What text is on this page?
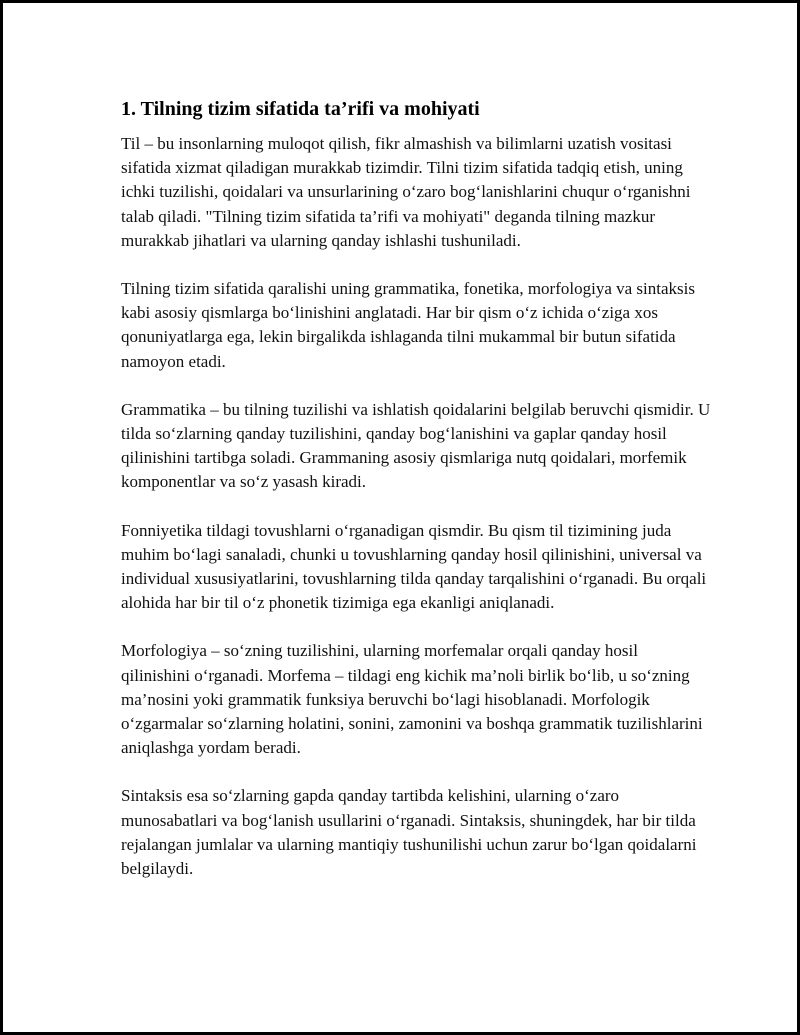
1. Tilning tizim sifatida ta’rifi va mohiyati

Til – bu insonlarning muloqot qilish, fikr almashish va bilimlarni uzatish vositasi sifatida xizmat qiladigan murakkab tizimdir. Tilni tizim sifatida tadqiq etish, uning ichki tuzilishi, qoidalari va unsurlarining o‘zaro bog‘lanishlarini chuqur o‘rganishni talab qiladi. "Tilning tizim sifatida ta’rifi va mohiyati" deganda tilning mazkur murakkab jihatlari va ularning qanday ishlashi tushuniladi.

Tilning tizim sifatida qaralishi uning grammatika, fonetika, morfologiya va sintaksis kabi asosiy qismlarga bo‘linishini anglatadi. Har bir qism o‘z ichida o‘ziga xos qonuniyatlarga ega, lekin birgalikda ishlaganda tilni mukammal bir butun sifatida namoyon etadi.

Grammatika – bu tilning tuzilishi va ishlatish qoidalarini belgilab beruvchi qismidir. U tilda so‘zlarning qanday tuzilishini, qanday bog‘lanishini va gaplar qanday hosil qilinishini tartibga soladi. Grammaning asosiy qismlariga nutq qoidalari, morfemik komponentlar va so‘z yasash kiradi.

Fonniyetika tildagi tovushlarni o‘rganadigan qismdir. Bu qism til tizimining juda muhim bo‘lagi sanaladi, chunki u tovushlarning qanday hosil qilinishini, universal va individual xususiyatlarini, tovushlarning tilda qanday tarqalishini o‘rganadi. Bu orqali alohida har bir til o‘z phonetik tizimiga ega ekanligi aniqlanadi.

Morfologiya – so‘zning tuzilishini, ularning morfemalar orqali qanday hosil qilinishini o‘rganadi. Morfema – tildagi eng kichik ma’noli birlik bo‘lib, u so‘zning ma’nosini yoki grammatik funksiya beruvchi bo‘lagi hisoblanadi. Morfologik o‘zgarmalar so‘zlarning holatini, sonini, zamonini va boshqa grammatik tuzilishlarini aniqlashga yordam beradi.

Sintaksis esa so‘zlarning gapda qanday tartibda kelishini, ularning o‘zaro munosabatlari va bog‘lanish usullarini o‘rganadi. Sintaksis, shuningdek, har bir tilda rejalangan jumlalar va ularning mantiqiy tushunilishi uchun zarur bo‘lgan qoidalarni belgilaydi.
